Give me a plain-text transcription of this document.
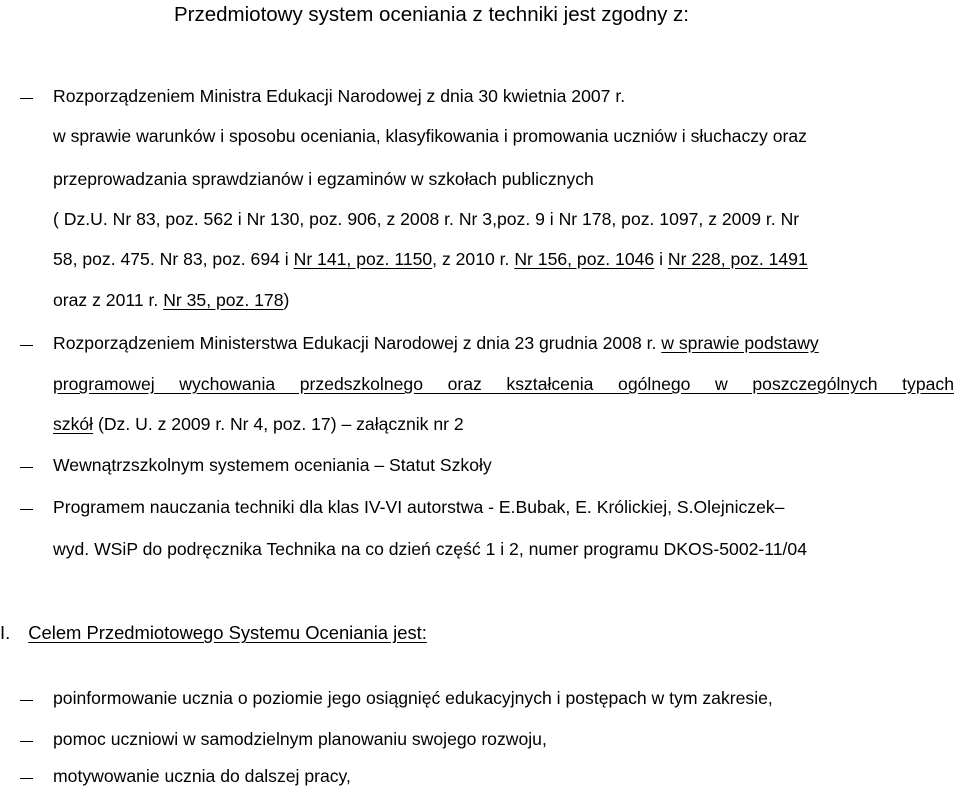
Przedmiotowy system oceniania z techniki jest zgodny z:
Rozporządzeniem Ministra Edukacji Narodowej z dnia 30 kwietnia 2007 r.
w sprawie warunków i sposobu oceniania, klasyfikowania i promowania uczniów i słuchaczy oraz
przeprowadzania sprawdzianów i egzaminów w szkołach publicznych
( Dz.U. Nr 83, poz. 562 i Nr 130, poz. 906, z 2008 r. Nr 3,poz. 9 i Nr 178, poz. 1097, z 2009 r. Nr
58, poz. 475. Nr 83, poz. 694 i Nr 141, poz. 1150, z 2010 r. Nr 156, poz. 1046 i Nr 228, poz. 1491
oraz z 2011 r. Nr 35, poz. 178)
Rozporządzeniem Ministerstwa Edukacji Narodowej z dnia 23 grudnia 2008 r. w sprawie podstawy
programowej wychowania przedszkolnego oraz kształcenia ogólnego w poszczególnych typach
szkół (Dz. U. z 2009 r. Nr 4, poz. 17) – załącznik nr 2
Wewnątrzszkolnym systemem oceniania – Statut Szkoły
Programem nauczania techniki dla klas IV-VI autorstwa - E.Bubak, E. Królickiej, S.Olejniczek–
wyd. WSiP do podręcznika Technika na co dzień część 1 i 2, numer programu DKOS-5002-11/04
I. Celem Przedmiotowego Systemu Oceniania jest:
poinformowanie ucznia o poziomie jego osiągnięć edukacyjnych i postępach w tym zakresie,
pomoc uczniowi w samodzielnym planowaniu swojego rozwoju,
motywowanie ucznia do dalszej pracy,
